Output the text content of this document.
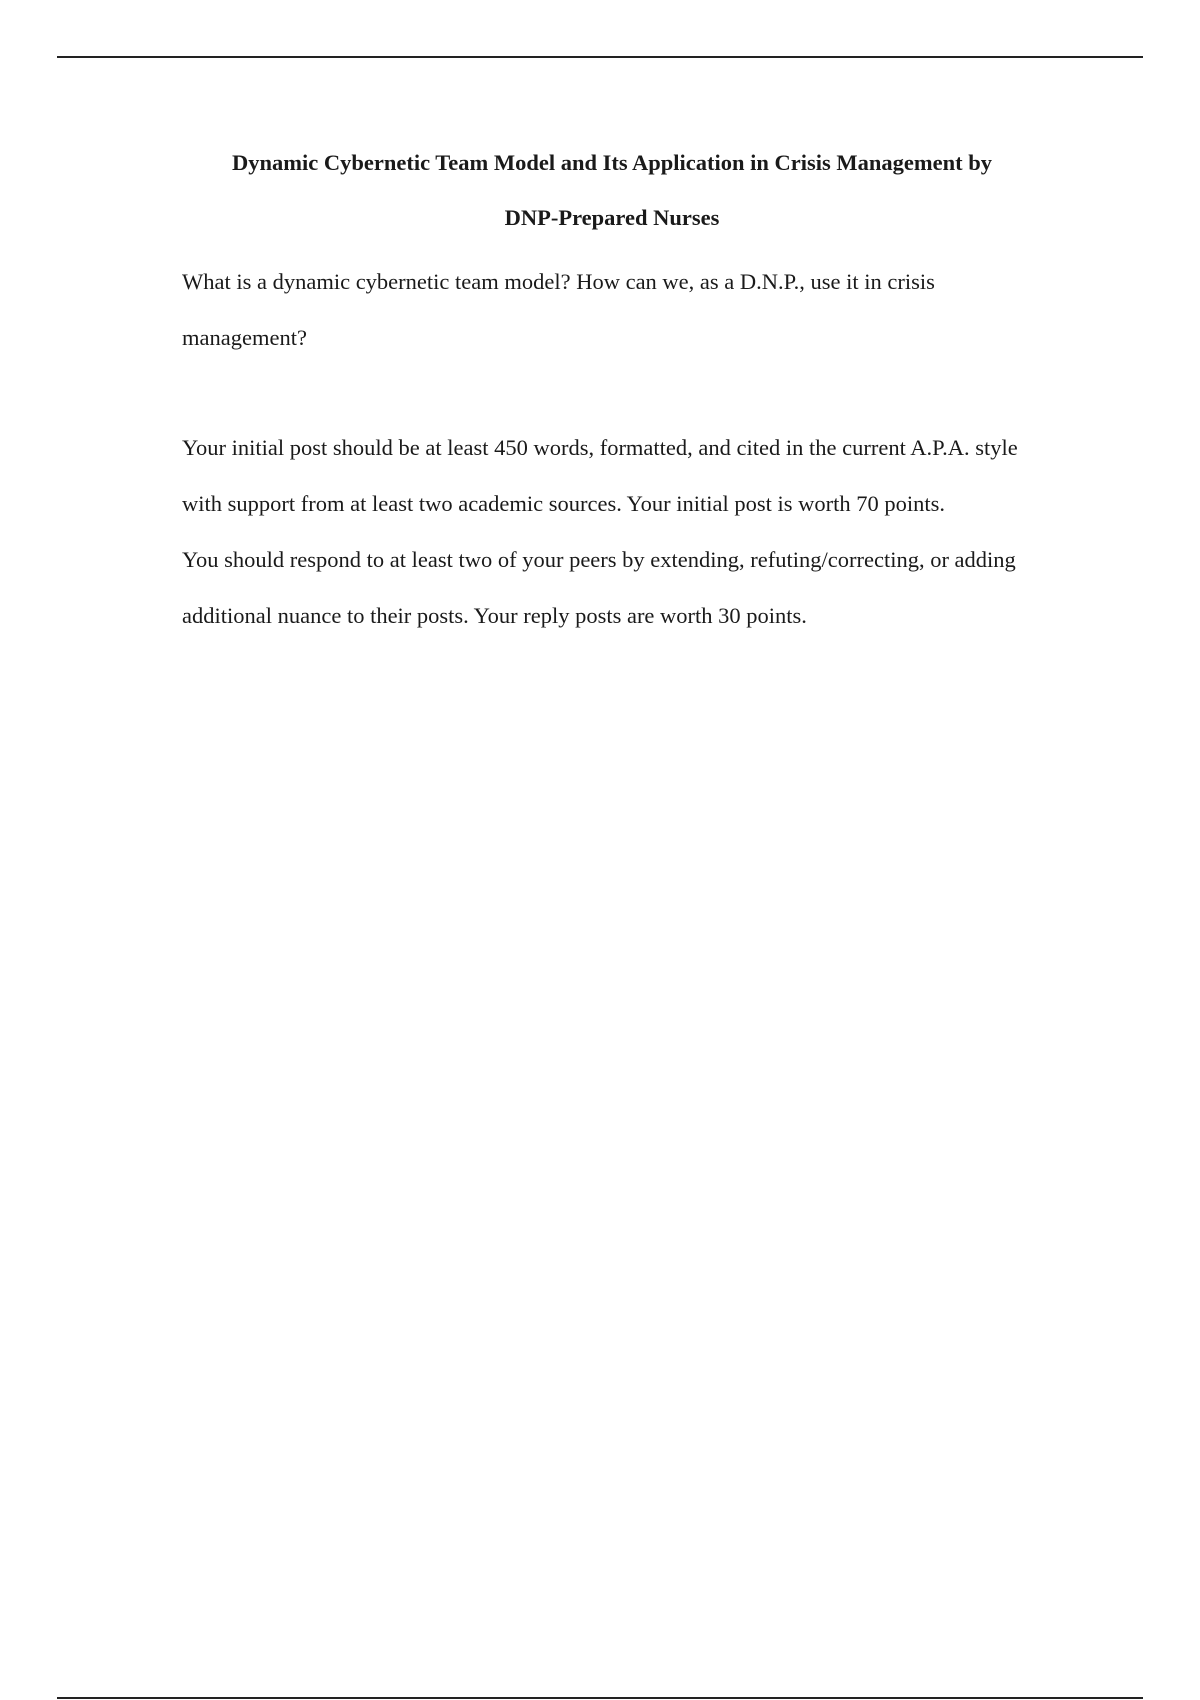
Dynamic Cybernetic Team Model and Its Application in Crisis Management by
DNP-Prepared Nurses

What is a dynamic cybernetic team model? How can we, as a D.N.P., use it in crisis management?

Your initial post should be at least 450 words, formatted, and cited in the current A.P.A. style with support from at least two academic sources. Your initial post is worth 70 points.

You should respond to at least two of your peers by extending, refuting/correcting, or adding additional nuance to their posts. Your reply posts are worth 30 points.
